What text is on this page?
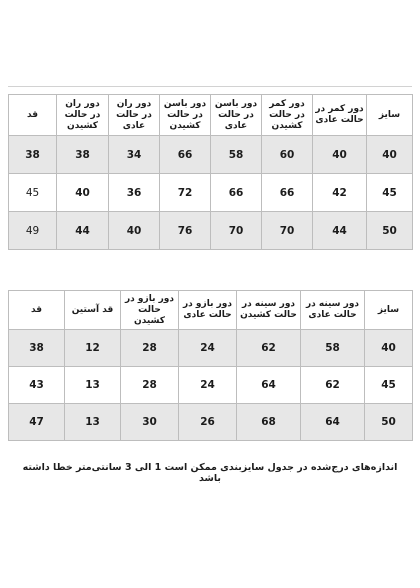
سایز	دور کمر در حالت عادی	دور کمر در حالت کشیدن	دور باسن در حالت عادی	دور باسن در حالت کشیدن	دور ران در حالت عادی	دور ران در حالت کشیدن	قد
40	40	60	58	66	34	38	38
45	42	66	66	72	36	40	45
50	44	70	70	76	40	44	49
سایز	دور سینه در حالت عادی	دور سینه در حالت کشیدن	دور بازو در حالت عادی	دور بازو در حالت کشیدن	قد آستین	قد
40	58	62	24	28	12	38
45	62	64	24	28	13	43
50	64	68	26	30	13	47
اندازه‌های درج‌شده در جدول سایزبندی ممکن است 1 الی 3 سانتی‌متر خطا داشته باشد
